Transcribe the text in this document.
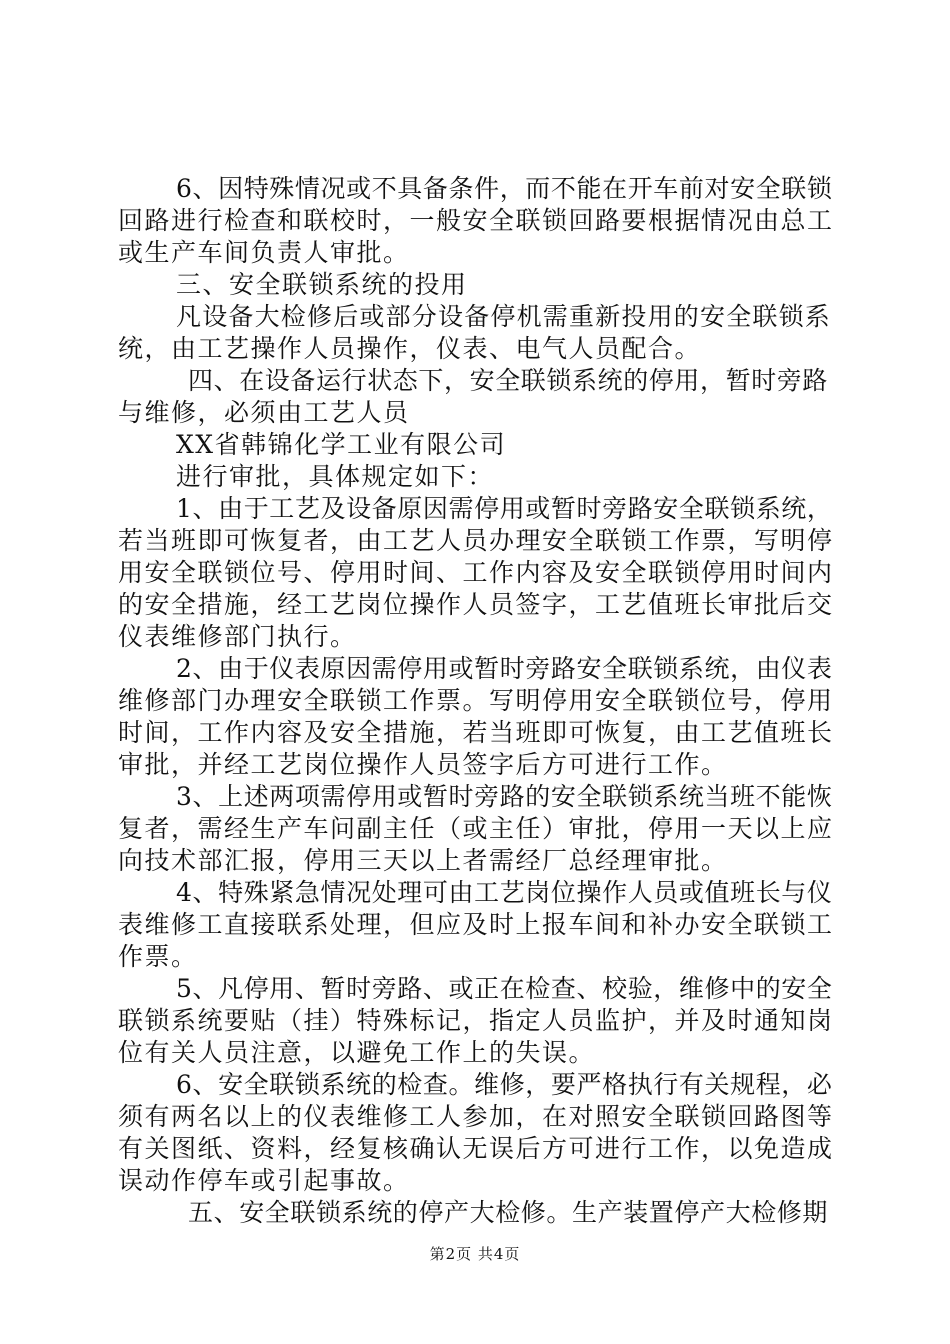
6、因特殊情况或不具备条件，而不能在开车前对安全联锁
回路进行检查和联校时，一般安全联锁回路要根据情况由总工
或生产车间负责人审批。
三、安全联锁系统的投用
凡设备大检修后或部分设备停机需重新投用的安全联锁系
统，由工艺操作人员操作，仪表、电气人员配合。
四、在设备运行状态下，安全联锁系统的停用，暂时旁路
与维修，必须由工艺人员
XX省韩锦化学工业有限公司
进行审批，具体规定如下：
1、由于工艺及设备原因需停用或暂时旁路安全联锁系统，
若当班即可恢复者，由工艺人员办理安全联锁工作票，写明停
用安全联锁位号、停用时间、工作内容及安全联锁停用时间内
的安全措施，经工艺岗位操作人员签字，工艺值班长审批后交
仪表维修部门执行。
2、由于仪表原因需停用或暂时旁路安全联锁系统，由仪表
维修部门办理安全联锁工作票。写明停用安全联锁位号，停用
时间，工作内容及安全措施，若当班即可恢复，由工艺值班长
审批，并经工艺岗位操作人员签字后方可进行工作。
3、上述两项需停用或暂时旁路的安全联锁系统当班不能恢
复者，需经生产车问副主任（或主任）审批，停用一天以上应
向技术部汇报，停用三天以上者需经厂总经理审批。
4、特殊紧急情况处理可由工艺岗位操作人员或值班长与仪
表维修工直接联系处理，但应及时上报车间和补办安全联锁工
作票。
5、凡停用、暂时旁路、或正在检查、校验，维修中的安全
联锁系统要贴（挂）特殊标记，指定人员监护，并及时通知岗
位有关人员注意，以避免工作上的失误。
6、安全联锁系统的检查。维修，要严格执行有关规程，必
须有两名以上的仪表维修工人参加，在对照安全联锁回路图等
有关图纸、资料，经复核确认无误后方可进行工作，以免造成
误动作停车或引起事故。
五、安全联锁系统的停产大检修。生产装置停产大检修期
第2页 共4页
